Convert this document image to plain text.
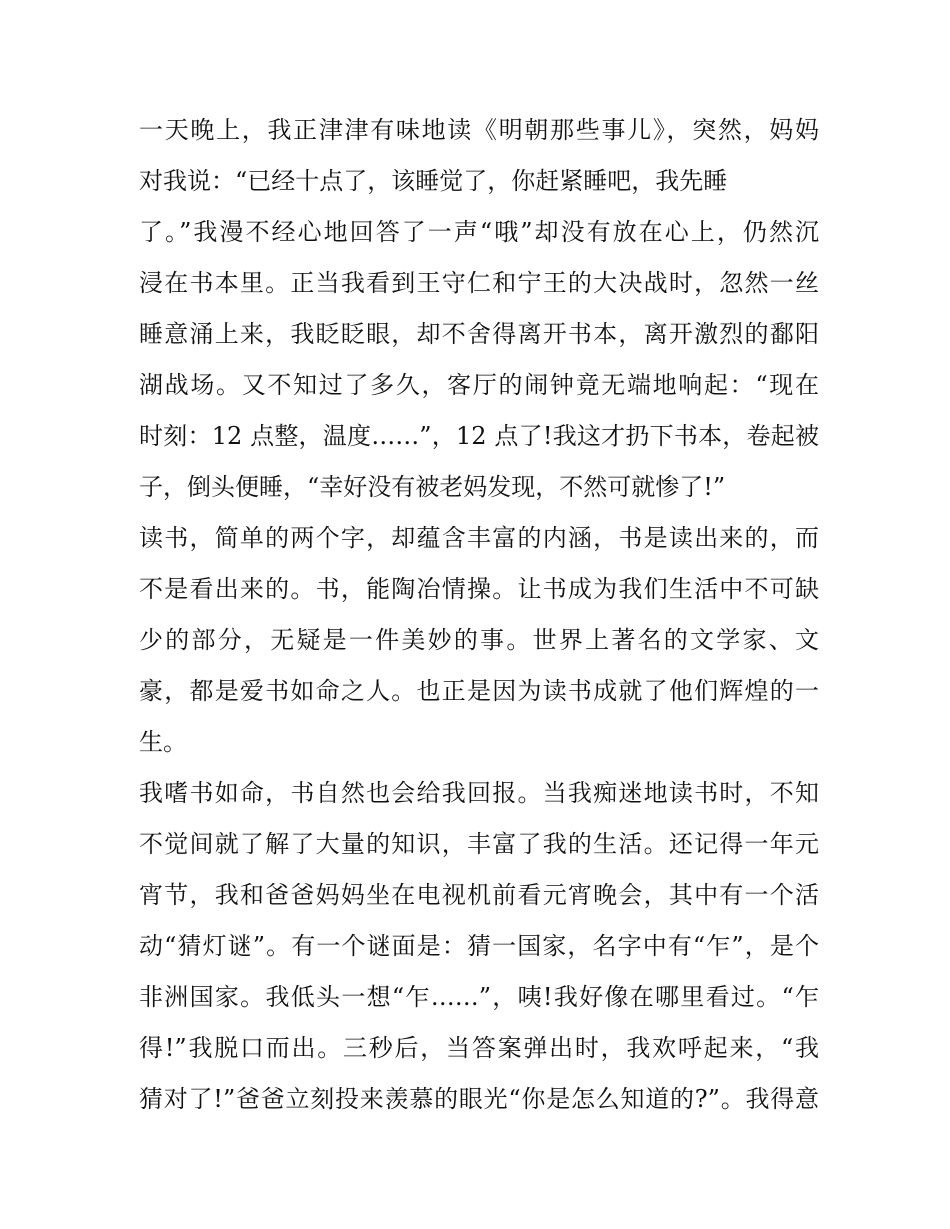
一天晚上，我正津津有味地读《明朝那些事儿》，突然，妈妈
对我说：“已经十点了，该睡觉了，你赶紧睡吧，我先睡
了。”我漫不经心地回答了一声“哦”却没有放在心上，仍然沉
浸在书本里。正当我看到王守仁和宁王的大决战时，忽然一丝
睡意涌上来，我眨眨眼，却不舍得离开书本，离开激烈的鄱阳
湖战场。又不知过了多久，客厅的闹钟竟无端地响起：“现在
时刻：12 点整，温度……”，12 点了!我这才扔下书本，卷起被
子，倒头便睡，“幸好没有被老妈发现，不然可就惨了!”
读书，简单的两个字，却蕴含丰富的内涵，书是读出来的，而
不是看出来的。书，能陶冶情操。让书成为我们生活中不可缺
少的部分，无疑是一件美妙的事。世界上著名的文学家、文
豪，都是爱书如命之人。也正是因为读书成就了他们辉煌的一
生。
我嗜书如命，书自然也会给我回报。当我痴迷地读书时，不知
不觉间就了解了大量的知识，丰富了我的生活。还记得一年元
宵节，我和爸爸妈妈坐在电视机前看元宵晚会，其中有一个活
动“猜灯谜”。有一个谜面是：猜一国家，名字中有“乍”，是个
非洲国家。我低头一想“乍……”，咦!我好像在哪里看过。“乍
得!”我脱口而出。三秒后，当答案弹出时，我欢呼起来，“我
猜对了!”爸爸立刻投来羡慕的眼光“你是怎么知道的?”。我得意
